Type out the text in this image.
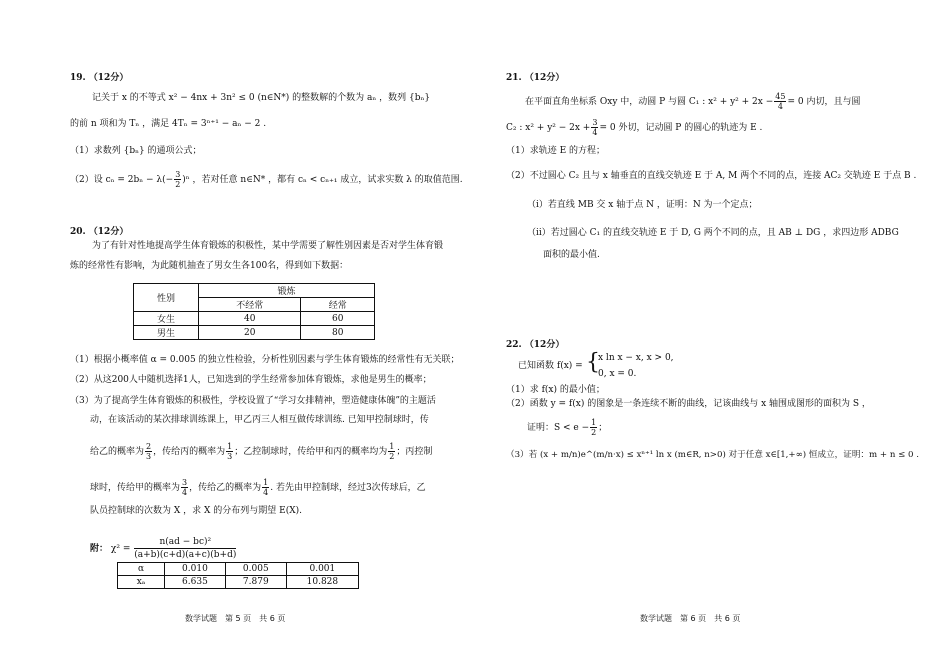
19. （12分）
记关于 x 的不等式 x² − 4nx + 3n² ≤ 0 (n∈N*) 的整数解的个数为 aₙ ，数列 {bₙ}
的前 n 项和为 Tₙ ，满足 4Tₙ = 3ⁿ⁺¹ − aₙ − 2 .
（1）求数列 {bₙ} 的通项公式；
（2）设 $c_n = 2b_n - \lambda(- \frac{3}{2} )^n$ ，若对任意 n∈N* ，都有 cₙ < cₙ₊₁ 成立，试求实数 λ 的取值范围.
20. （12分）
为了有针对性地提高学生体育锻炼的积极性，某中学需要了解性别因素是否对学生体育锻
炼的经常性有影响，为此随机抽查了男女生各100名，得到如下数据：
性别	锻炼	
	不经常	经常
女生	40	60
男生	20	80
（1）根据小概率值 α = 0.005 的独立性检验，分析性别因素与学生体育锻炼的经常性有无关联；
（2）从这200人中随机选择1人，已知选到的学生经常参加体育锻炼，求他是男生的概率；
（3）为了提高学生体育锻炼的积极性，学校设置了“学习女排精神，塑造健康体魄”的主题活
动，在该活动的某次排球训练课上，甲乙丙三人相互做传球训练. 已知甲控制球时，传
给乙的概率为 $\frac{2}{3}$ ，传给丙的概率为 $\frac{1}{3}$ ；乙控制球时，传给甲和丙的概率均为 $\frac{1}{2}$ ；丙控制
球时，传给甲的概率为 $\frac{3}{4}$ ，传给乙的概率为 $\frac{1}{4}$ . 若先由甲控制球，经过3次传球后，乙
队员控制球的次数为 X ，求 X 的分布列与期望 E(X).
附： $\chi^2 = \frac{\text{n(ad − bc)²}}{(a+b)(c+d)(a+c)(b+d)}$
α	0.010	0.005	0.001
xₐ	6.635	7.879	10.828
数学试题　第 5 页　共 6 页
21. （12分）
在平面直角坐标系 Oxy 中，动圆 P 与圆 C₁ : $x^2 + y^2 + 2x - \frac{45}{4} = 0$ 内切，且与圆
C₂ : $x^2 + y^2 - 2x + \frac{3}{4} = 0$ 外切，记动圆 P 的圆心的轨迹为 E .
（1）求轨迹 E 的方程；
（2）不过圆心 C₂ 且与 x 轴垂直的直线交轨迹 E 于 A, M 两个不同的点，连接 AC₂ 交轨迹 E 于点 B .
（i）若直线 MB 交 x 轴于点 N ，证明：N 为一个定点；
（ii）若过圆心 C₁ 的直线交轨迹 E 于 D, G 两个不同的点，且 AB ⊥ DG ，求四边形 ADBG
面积的最小值.
22. （12分）
已知函数 f(x) = {
x ln x − x, x > 0,
0, x = 0.
（1）求 f(x) 的最小值；
（2）函数 y = f(x) 的图象是一条连续不断的曲线，记该曲线与 x 轴围成图形的面积为 S ，
证明：$S < e - \frac{1}{2}$ ；
（3）若 (x + m/n)e^(m/n·x) ≤ xⁿ⁺¹ ln x (m∈R, n>0) 对于任意 x∈[1,+∞) 恒成立，证明：m + n ≤ 0 .
数学试题　第 6 页　共 6 页
